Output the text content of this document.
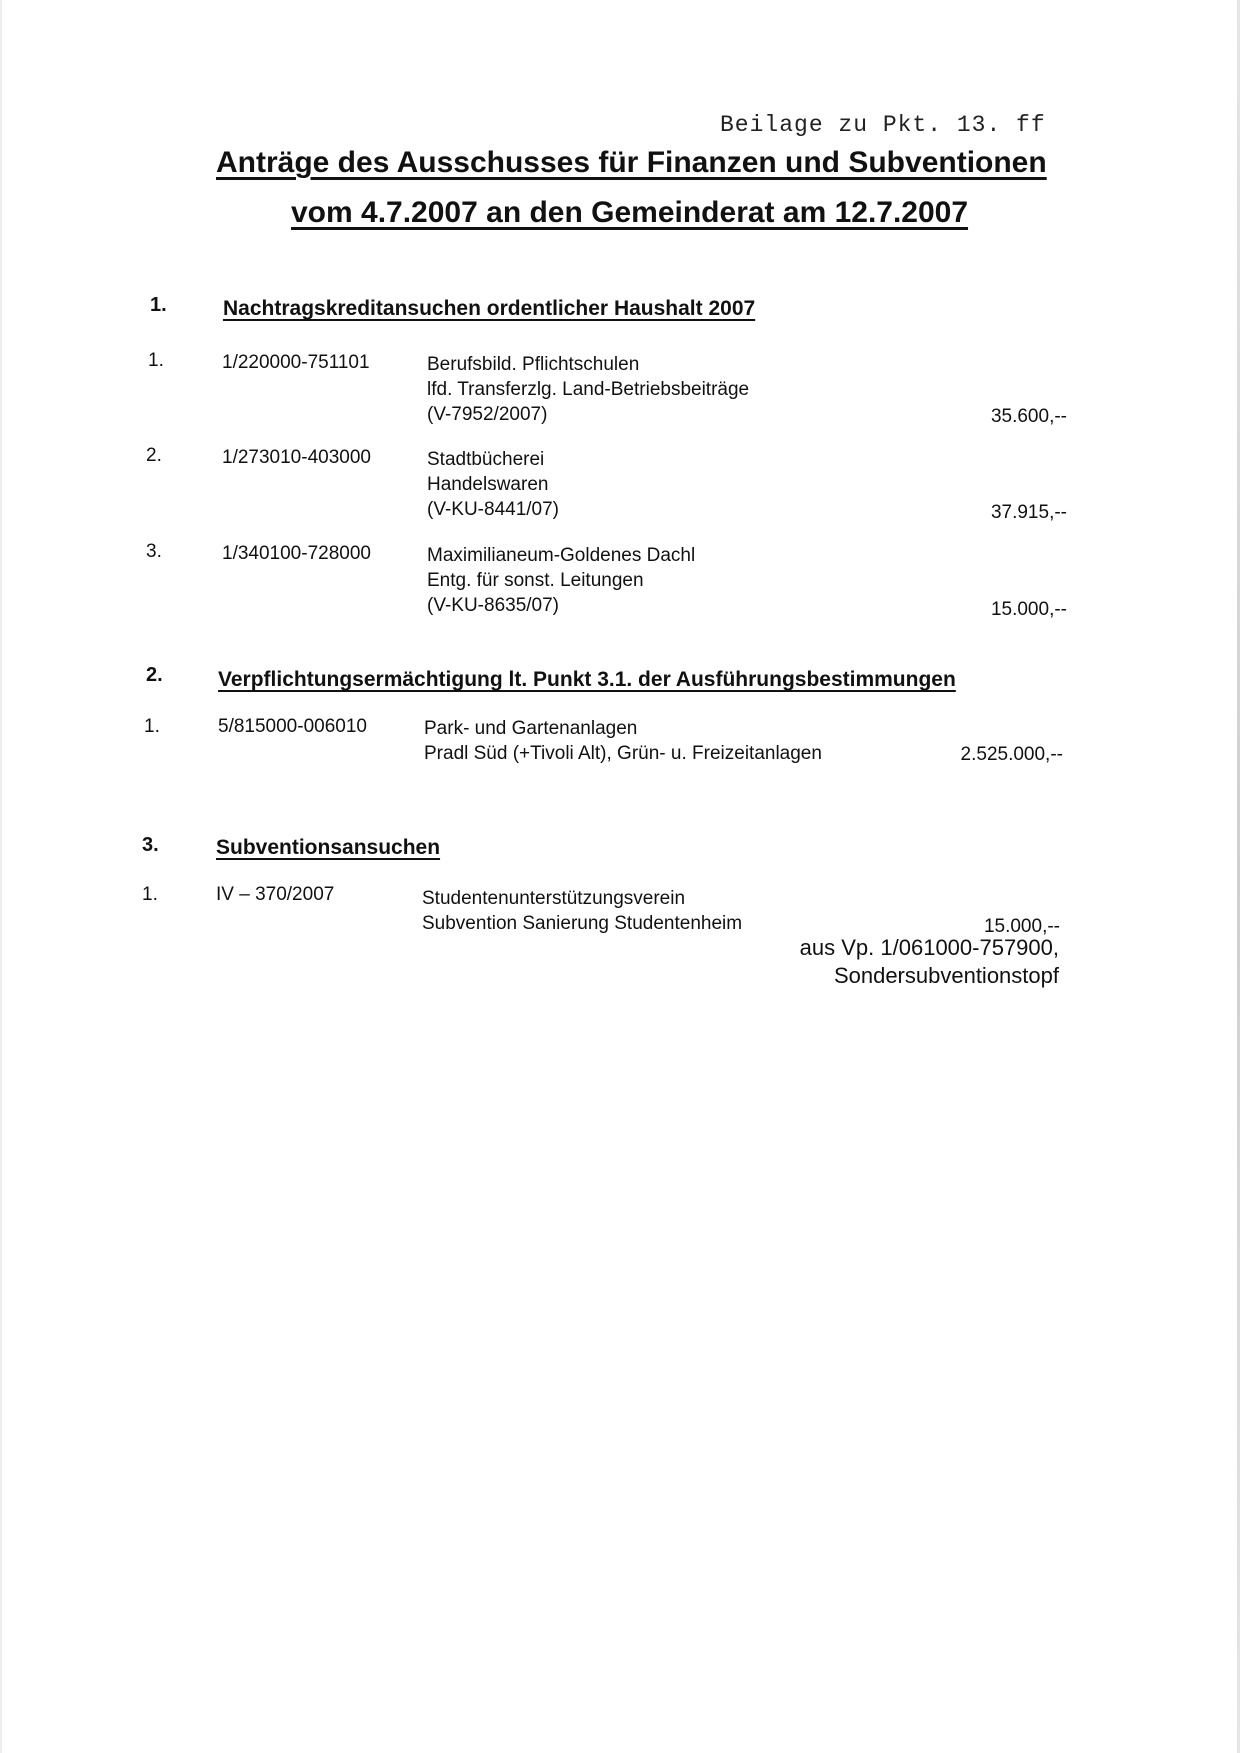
Beilage zu Pkt. 13. ff
Anträge des Ausschusses für Finanzen und Subventionen
vom 4.7.2007 an den Gemeinderat am 12.7.2007
1.	Nachtragskreditansuchen ordentlicher Haushalt 2007
1.	1/220000-751101	Berufsbild. Pflichtschulen
lfd. Transferzlg. Land-Betriebsbeiträge
(V-7952/2007)	35.600,--
2.	1/273010-403000	Stadtbücherei
Handelswaren
(V-KU-8441/07)	37.915,--
3.	1/340100-728000	Maximilianeum-Goldenes Dachl
Entg. für sonst. Leitungen
(V-KU-8635/07)	15.000,--
2.	Verpflichtungsermächtigung lt. Punkt 3.1. der Ausführungsbestimmungen
1.	5/815000-006010	Park- und Gartenanlagen
Pradl Süd (+Tivoli Alt), Grün- u. Freizeitanlagen	2.525.000,--
3.	Subventionsansuchen
1.	IV – 370/2007	Studentenunterstützungsverein
Subvention Sanierung Studentenheim	15.000,--
aus Vp. 1/061000-757900,
Sondersubventionstopf
